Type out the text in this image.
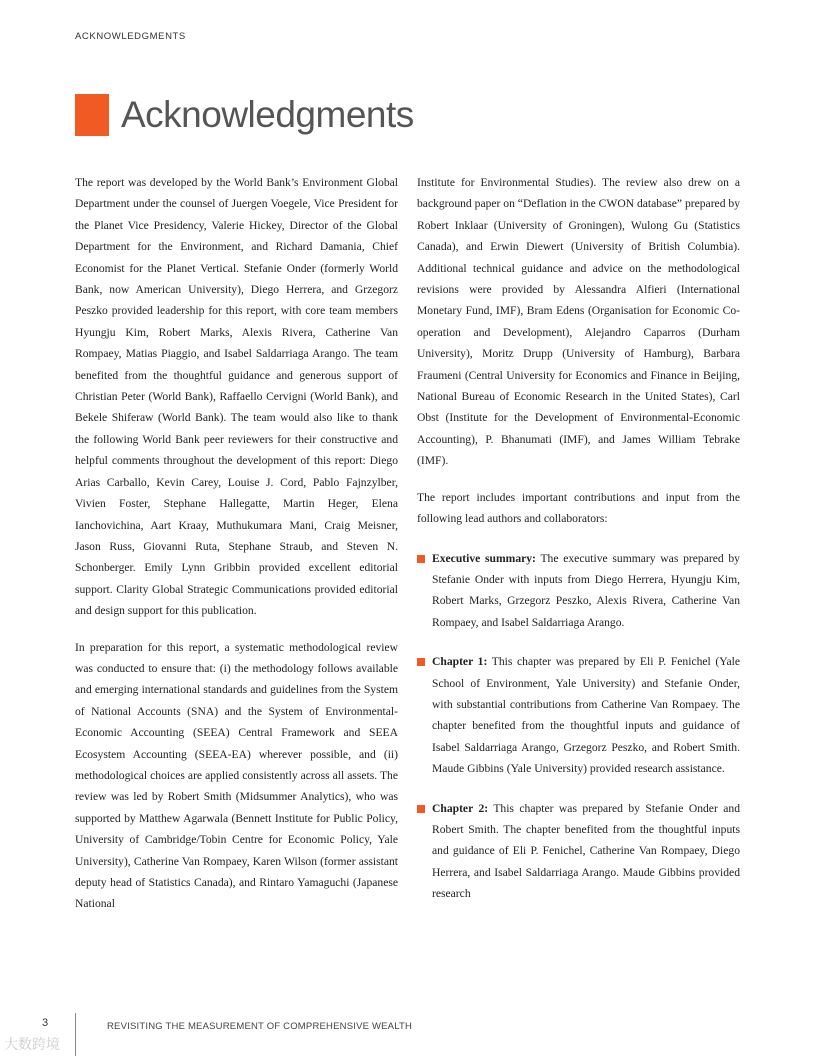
ACKNOWLEDGMENTS
Acknowledgments

The report was developed by the World Bank’s Environment Global Department under the counsel of Juergen Voegele, Vice President for the Planet Vice Presidency, Valerie Hickey, Director of the Global Department for the Environment, and Richard Damania, Chief Economist for the Planet Vertical. Stefanie Onder (formerly World Bank, now American University), Diego Herrera, and Grzegorz Peszko provided leadership for this report, with core team members Hyungju Kim, Robert Marks, Alexis Rivera, Catherine Van Rompaey, Matias Piaggio, and Isabel Saldarriaga Arango. The team benefited from the thoughtful guidance and generous support of Christian Peter (World Bank), Raffaello Cervigni (World Bank), and Bekele Shiferaw (World Bank). The team would also like to thank the following World Bank peer reviewers for their constructive and helpful comments throughout the development of this report: Diego Arias Carballo, Kevin Carey, Louise J. Cord, Pablo Fajnzylber, Vivien Foster, Stephane Hallegatte, Martin Heger, Elena Ianchovichina, Aart Kraay, Muthukumara Mani, Craig Meisner, Jason Russ, Giovanni Ruta, Stephane Straub, and Steven N. Schonberger. Emily Lynn Gribbin provided excellent editorial support. Clarity Global Strategic Communications provided editorial and design support for this publication.

In preparation for this report, a systematic methodological review was conducted to ensure that: (i) the methodology follows available and emerging international standards and guidelines from the System of National Accounts (SNA) and the System of Environmental-Economic Accounting (SEEA) Central Framework and SEEA Ecosystem Accounting (SEEA-EA) wherever possible, and (ii) methodological choices are applied consistently across all assets. The review was led by Robert Smith (Midsummer Analytics), who was supported by Matthew Agarwala (Bennett Institute for Public Policy, University of Cambridge/Tobin Centre for Economic Policy, Yale University), Catherine Van Rompaey, Karen Wilson (former assistant deputy head of Statistics Canada), and Rintaro Yamaguchi (Japanese National

Institute for Environmental Studies). The review also drew on a background paper on “Deflation in the CWON database” prepared by Robert Inklaar (University of Groningen), Wulong Gu (Statistics Canada), and Erwin Diewert (University of British Columbia). Additional technical guidance and advice on the methodological revisions were provided by Alessandra Alfieri (International Monetary Fund, IMF), Bram Edens (Organisation for Economic Co-operation and Development), Alejandro Caparros (Durham University), Moritz Drupp (University of Hamburg), Barbara Fraumeni (Central University for Economics and Finance in Beijing, National Bureau of Economic Research in the United States), Carl Obst (Institute for the Development of Environmental-Economic Accounting), P. Bhanumati (IMF), and James William Tebrake (IMF).

The report includes important contributions and input from the following lead authors and collaborators:

Executive summary: The executive summary was prepared by Stefanie Onder with inputs from Diego Herrera, Hyungju Kim, Robert Marks, Grzegorz Peszko, Alexis Rivera, Catherine Van Rompaey, and Isabel Saldarriaga Arango.
Chapter 1: This chapter was prepared by Eli P. Fenichel (Yale School of Environment, Yale University) and Stefanie Onder, with substantial contributions from Catherine Van Rompaey. The chapter benefited from the thoughtful inputs and guidance of Isabel Saldarriaga Arango, Grzegorz Peszko, and Robert Smith. Maude Gibbins (Yale University) provided research assistance.
Chapter 2: This chapter was prepared by Stefanie Onder and Robert Smith. The chapter benefited from the thoughtful inputs and guidance of Eli P. Fenichel, Catherine Van Rompaey, Diego Herrera, and Isabel Saldarriaga Arango. Maude Gibbins provided research
3	REVISITING THE MEASUREMENT OF COMPREHENSIVE WEALTH
大数跨境
